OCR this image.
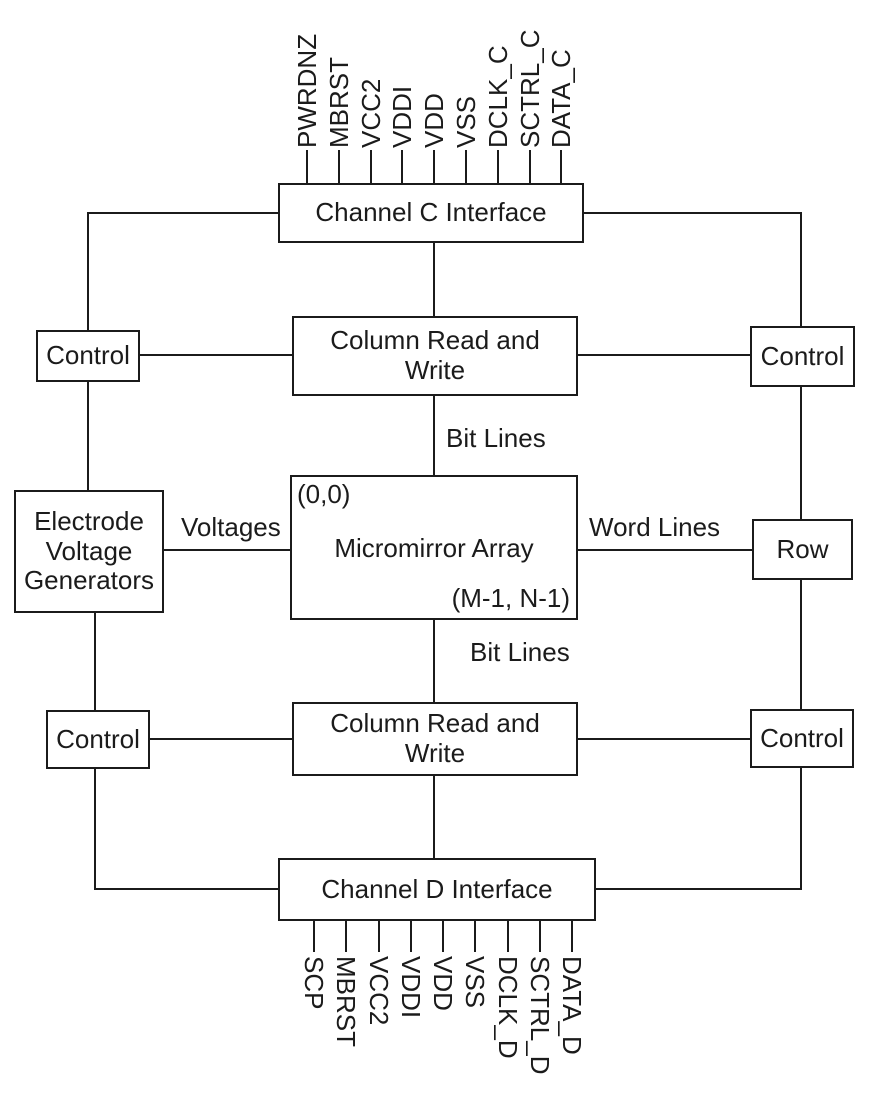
Channel C Interface
Column Read and Write
Control	Control
Electrode Voltage Generators
(0,0)
Micromirror Array
(M-1, N-1)
Row
Control	Control
Column Read and Write
Channel D Interface
Bit Lines
Voltages	Word Lines
Bit Lines
PWRDNZ MBRST VCC2 VDDI VDD VSS DCLK_C SCTRL_C DATA_C
SCP MBRST VCC2 VDDI VDD VSS DCLK_D SCTRL_D DATA_D
